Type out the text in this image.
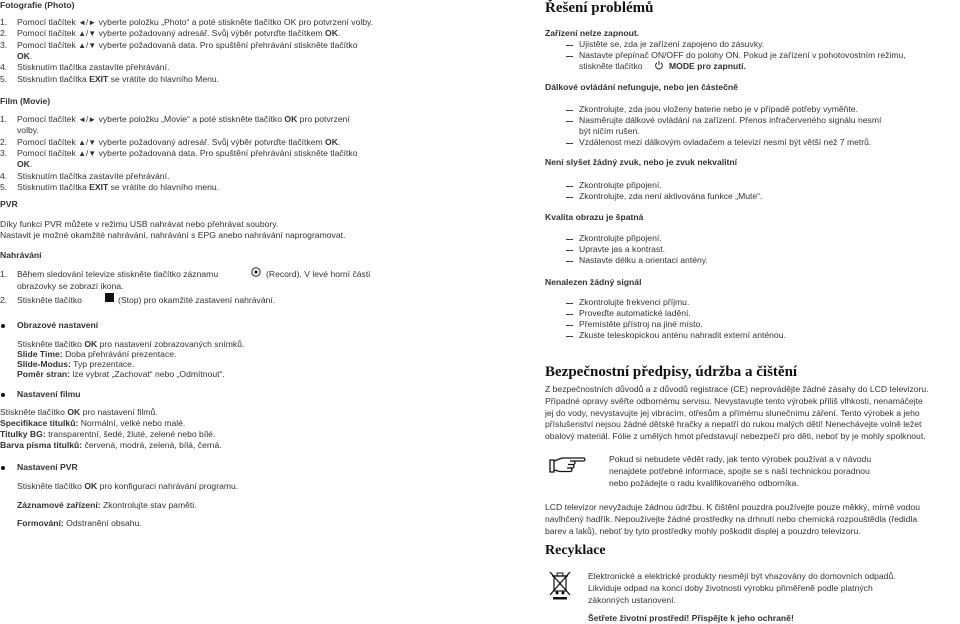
Fotografie (Photo)
1. Pomocí tlačítek ◄/► vyberte položku „Photo“ a poté stiskněte tlačítko OK pro potvrzení volby.
2. Pomocí tlačítek ▲/▼ vyberte požadovaný adresář. Svůj výběr potvrďte tlačítkem OK.
3. Pomocí tlačítek ▲/▼ vyberte požadovaná data. Pro spuštění přehrávání stiskněte tlačítko
OK.
4. Stisknutím tlačítka zastavíte přehrávání.
5. Stisknutím tlačítka EXIT se vrátíte do hlavního Menu.
Film (Movie)
1. Pomocí tlačítek ◄/► vyberte položku „Movie“ a poté stiskněte tlačítko OK pro potvrzení
volby.
2. Pomocí tlačítek ▲/▼ vyberte požadovaný adresář. Svůj výběr potvrďte tlačítkem OK.
3. Pomocí tlačítek ▲/▼ vyberte požadovaná data. Pro spuštění přehrávání stiskněte tlačítko
OK.
4. Stisknutím tlačítka zastavíte přehrávání.
5. Stisknutím tlačítka EXIT se vrátíte do hlavního menu.
PVR
Díky funkci PVR můžete v režimu USB nahrávat nebo přehrávat soubory.
Nastavit je možné okamžité nahrávání, nahrávání s EPG anebo nahrávání naprogramovat.
Nahrávání
1. Během sledování televize stiskněte tlačítko záznamu	(Record). V levé horní části
obrazovky se zobrazí ikona.
2. Stiskněte tlačítko	(Stop) pro okamžité zastavení nahrávání.
Obrazové nastavení
Stiskněte tlačítko OK pro nastavení zobrazovaných snímků.
Slide Time: Doba přehrávání prezentace.
Slide-Modus: Typ prezentace.
Poměr stran: lze vybrat „Zachovat“ nebo „Odmítnout“.
Nastavení filmu
Stiskněte tlačítko OK pro nastavení filmů.
Specifikace titulků: Normální, velké nebo malé.
Titulky BG: transparentní, šedé, žluté, zelené nebo bílé.
Barva písma titulků: červená, modrá, zelená, bílá, černá.
Nastavení PVR
Stiskněte tlačítko OK pro konfiguraci nahrávání programu.
Záznamové zařízení: Zkontrolujte stav paměti.
Formování: Odstranění obsahu.
Řešení problémů
Zařízení nelze zapnout.
Ujistěte se, zda je zařízení zapojeno do zásuvky.
Nastavte přepínač ON/OFF do polohy ON. Pokud je zařízení v pohotovostním režimu,
stiskněte tlačítko	MODE pro zapnutí.
Dálkové ovládání nefunguje, nebo jen částečně
Zkontrolujte, zda jsou vloženy baterie nebo je v případě potřeby vyměňte.
Nasměrujte dálkové ovládání na zařízení. Přenos infračerveného signálu nesmí
být ničím rušen.
Vzdálenost mezi dálkovým ovladačem a televizí nesmí být větší než 7 metrů.
Není slyšet žádný zvuk, nebo je zvuk nekvalitní
Zkontrolujte připojení.
Zkontrolujte, zda není aktivována funkce „Mute“.
Kvalita obrazu je špatná
Zkontrolujte připojení.
Upravte jas a kontrast.
Nastavte délku a orientaci antény.
Nenalezen žádný signál
Zkontrolujte frekvenci příjmu.
Proveďte automatické ladění.
Přemístěte přístroj na jiné místo.
Zkuste teleskopickou anténu nahradit externí anténou.
Bezpečnostní předpisy, údržba a čištění
Z bezpečnostních důvodů a z důvodů registrace (CE) neprovádějte žádné zásahy do LCD televizoru.
Případné opravy svěřte odbornému servisu. Nevystavujte tento výrobek příliš vlhkosti, nenamáčejte
jej do vody, nevystavujte jej vibracím, otřesům a přímému slunečnímu záření. Tento výrobek a jeho
příslušenství nejsou žádné dětské hračky a nepatří do rukou malých dětí! Nenechávejte volně ležet
obalový materiál. Fólie z umělých hmot představují nebezpečí pro děti, neboť by je mohly spolknout.
Pokud si nebudete vědět rady, jak tento výrobek používat a v návodu
nenajdete potřebné informace, spojte se s naší technickou poradnou
nebo požádejte o radu kvalifikovaného odborníka.
LCD televizor nevyžaduje žádnou údržbu. K čištění pouzdra používejte pouze měkký, mírně vodou
navlhčený hadřík. Nepoužívejte žádné prostředky na drhnutí nebo chemická rozpouštědla (ředidla
barev a laků), neboť by tyto prostředky mohly poškodit displej a pouzdro televizoru.
Recyklace
Elektronické a elektrické produkty nesmějí být vhazovány do domovních odpadů.
Likviduje odpad na konci doby životnosti výrobku přiměřeně podle platných
zákonných ustanovení.
Šetřete životní prostředí! Přispějte k jeho ochraně!
